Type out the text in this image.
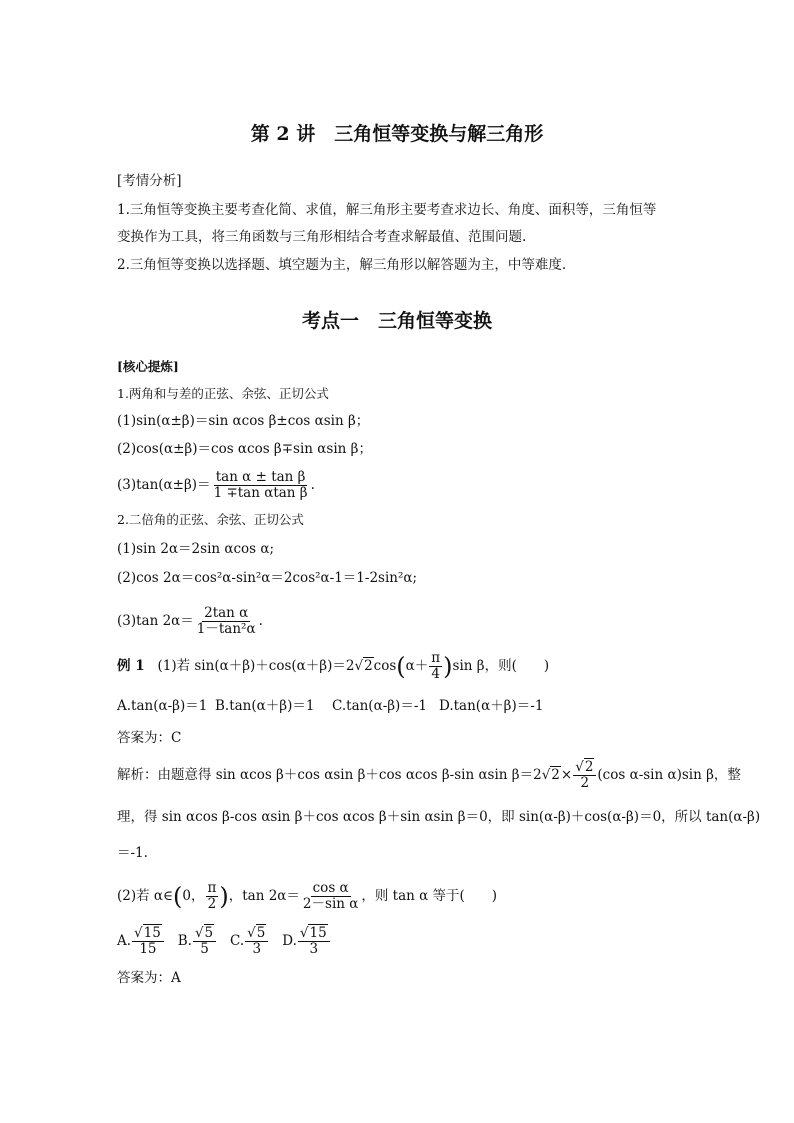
第 2 讲　三角恒等变换与解三角形
[考情分析]
1.三角恒等变换主要考查化简、求值，解三角形主要考查求边长、角度、面积等，三角恒等
变换作为工具，将三角函数与三角形相结合考查求解最值、范围问题.
2.三角恒等变换以选择题、填空题为主，解三角形以解答题为主，中等难度.
考点一　三角恒等变换
[核心提炼]
1.两角和与差的正弦、余弦、正切公式
(1)sin(α±β)＝sin αcos β±cos αsin β；
(2)cos(α±β)＝cos αcos β∓sin αsin β；
$(3)\tan(\alpha\pm\beta)= \frac{\text{tan α ± tan β}}{\text{1 ∓tan αtan β}}$ .
2.二倍角的正弦、余弦、正切公式
(1)sin 2α＝2sin αcos α;
(2)cos 2α＝cos²α-sin²α＝2cos²α-1＝1-2sin²α;
(3)tan $2\alpha= \frac{\text{2tan α}}{\text{1－tan²α}}$ .
例 1 (1)若 $\sin(\alpha+\beta)+\cos(\alpha+\beta)=2√2\cos(\alpha+ \frac{\pi}{4} )\sin$ β，则(　　)
A.tan(α-β)＝1 B.tan(α＋β)＝1 C.tan(α-β)＝-1 D.tan(α＋β)＝-1
答案为：C
解析：由题意得 sin αcos β＋cos αsin β＋cos αcos β-sin αsin $\beta=2√2\times \frac{√2}{2} (\cos$ α-sin α)sin β，整
理，得 sin αcos β-cos αsin β＋cos αcos β＋sin αsin β＝0，即 sin(α-β)＋cos(α-β)＝0，所以 tan(α-β)
＝-1.
(2)若 α∈(0， $\frac{\pi}{2}$ )，$\tan 2\alpha= \frac{\text{cos α}}{\text{2－sin α}}$ ，则 tan α 等于(　　)
A. $\frac{√15}{15} B$. $\frac{√5}{5} C$. $\frac{√5}{3} D$. $\frac{√15}{3}$
答案为：A
